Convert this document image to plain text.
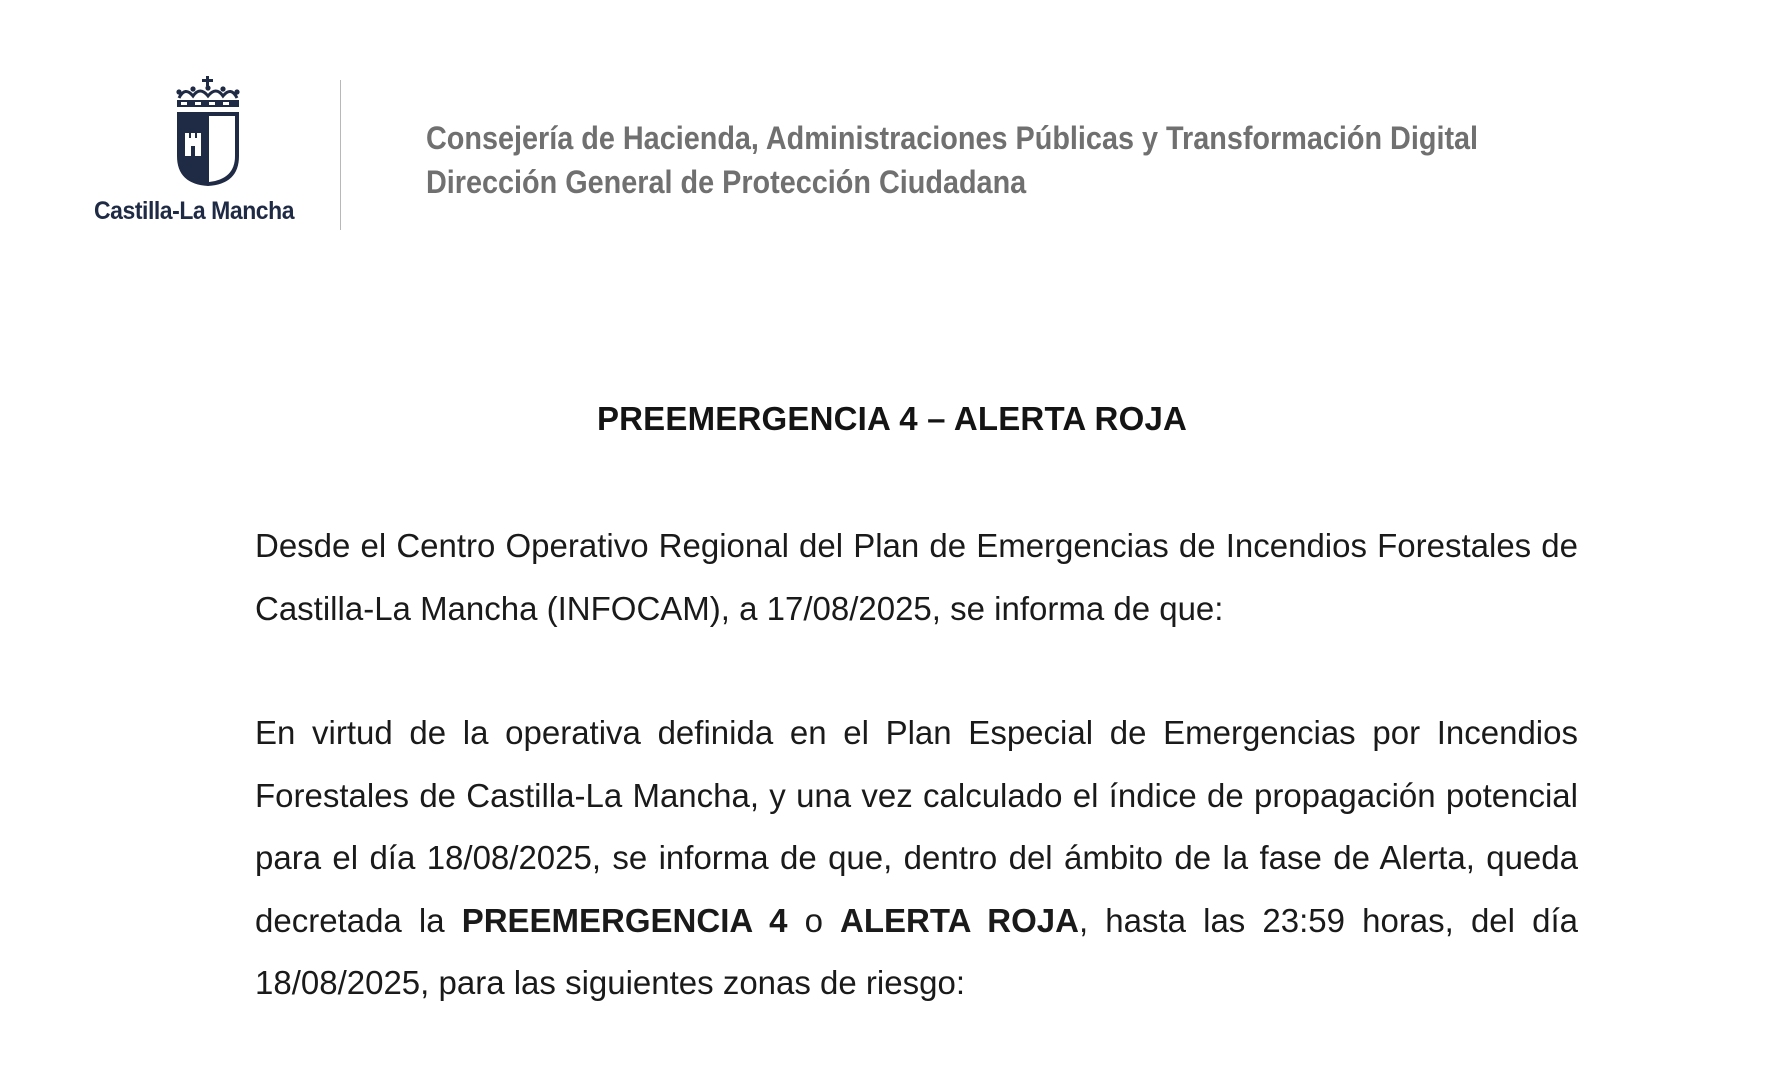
Castilla-La Mancha
Consejería de Hacienda, Administraciones Públicas y Transformación Digital
Dirección General de Protección Ciudadana
PREEMERGENCIA 4 – ALERTA ROJA
Desde el Centro Operativo Regional del Plan de Emergencias de Incendios Forestales de Castilla-La Mancha (INFOCAM), a 17/08/2025, se informa de que:
En virtud de la operativa definida en el Plan Especial de Emergencias por Incendios Forestales de Castilla-La Mancha, y una vez calculado el índice de propagación potencial para el día 18/08/2025, se informa de que, dentro del ámbito de la fase de Alerta, queda decretada la PREEMERGENCIA 4 o ALERTA ROJA, hasta las 23:59 horas, del día 18/08/2025, para las siguientes zonas de riesgo:
